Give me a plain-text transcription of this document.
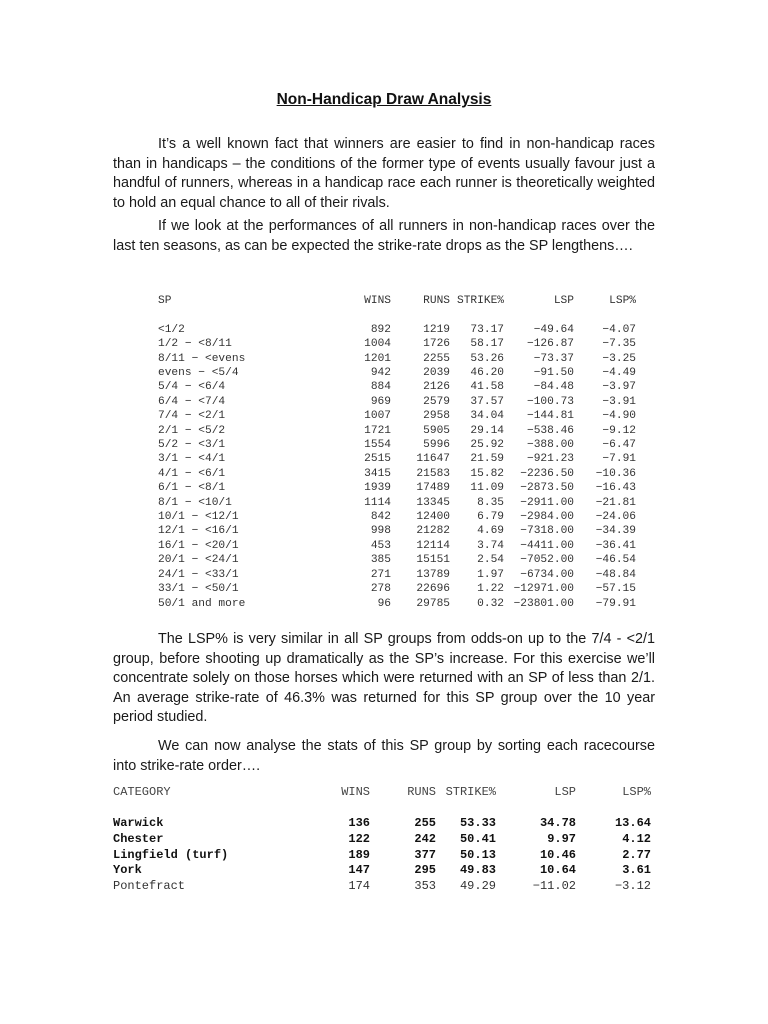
Non-Handicap Draw Analysis

It’s a well known fact that winners are easier to find in non-handicap races than in handicaps – the conditions of the former type of events usually favour just a handful of runners, whereas in a handicap race each runner is theoretically weighted to hold an equal chance to all of their rivals.

If we look at the performances of all runners in non-handicap races over the last ten seasons, as can be expected the strike-rate drops as the SP lengthens….

SP	WINS	RUNS	STRIKE%	LSP	LSP%

<1/2	892	1219	73.17	−49.64	−4.07
1/2 − <8/11	1004	1726	58.17	−126.87	−7.35
8/11 − <evens	1201	2255	53.26	−73.37	−3.25
evens − <5/4	942	2039	46.20	−91.50	−4.49
5/4 − <6/4	884	2126	41.58	−84.48	−3.97
6/4 − <7/4	969	2579	37.57	−100.73	−3.91
7/4 − <2/1	1007	2958	34.04	−144.81	−4.90
2/1 − <5/2	1721	5905	29.14	−538.46	−9.12
5/2 − <3/1	1554	5996	25.92	−388.00	−6.47
3/1 − <4/1	2515	11647	21.59	−921.23	−7.91
4/1 − <6/1	3415	21583	15.82	−2236.50	−10.36
6/1 − <8/1	1939	17489	11.09	−2873.50	−16.43
8/1 − <10/1	1114	13345	8.35	−2911.00	−21.81
10/1 − <12/1	842	12400	6.79	−2984.00	−24.06
12/1 − <16/1	998	21282	4.69	−7318.00	−34.39
16/1 − <20/1	453	12114	3.74	−4411.00	−36.41
20/1 − <24/1	385	15151	2.54	−7052.00	−46.54
24/1 − <33/1	271	13789	1.97	−6734.00	−48.84
33/1 − <50/1	278	22696	1.22	−12971.00	−57.15
50/1 and more	96	29785	0.32	−23801.00	−79.91

The LSP% is very similar in all SP groups from odds-on up to the 7/4 - <2/1 group, before shooting up dramatically as the SP’s increase. For this exercise we’ll concentrate solely on those horses which were returned with an SP of less than 2/1. An average strike-rate of 46.3% was returned for this SP group over the 10 year period studied.

We can now analyse the stats of this SP group by sorting each racecourse into strike-rate order….

CATEGORY	WINS	RUNS	STRIKE%	LSP	LSP%

Warwick	136	255	53.33	34.78	13.64
Chester	122	242	50.41	9.97	4.12
Lingfield (turf)	189	377	50.13	10.46	2.77
York	147	295	49.83	10.64	3.61
Pontefract	174	353	49.29	−11.02	−3.12
